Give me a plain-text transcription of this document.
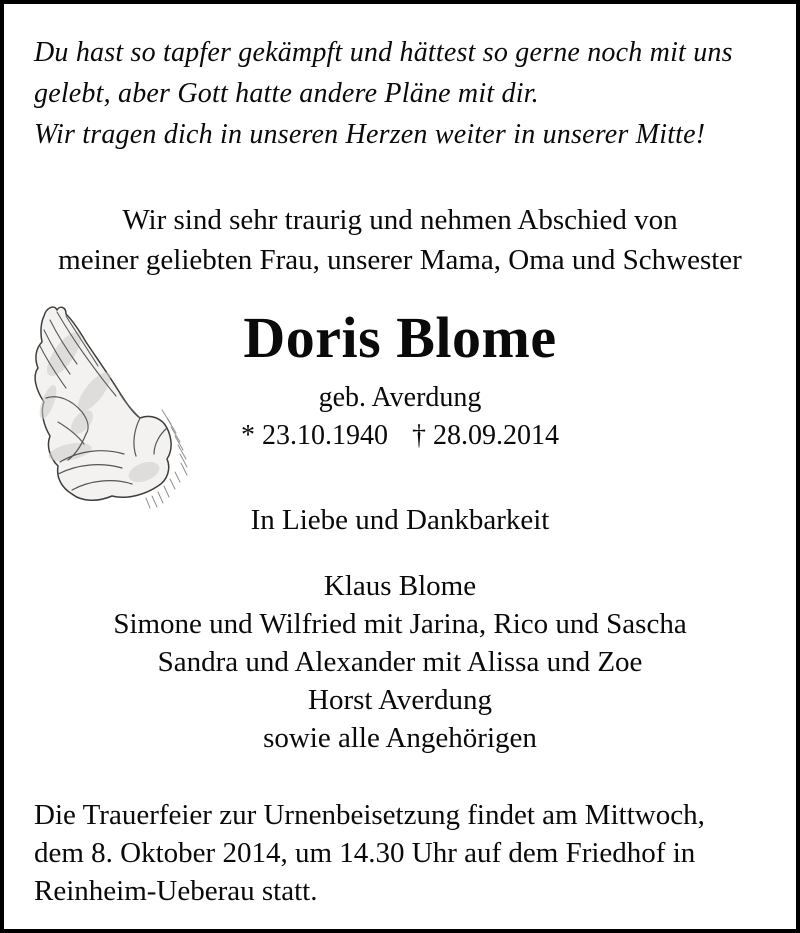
Du hast so tapfer gekämpft und hättest so gerne noch mit uns
gelebt, aber Gott hatte andere Pläne mit dir.
Wir tragen dich in unseren Herzen weiter in unserer Mitte!
Wir sind sehr traurig und nehmen Abschied von
meiner geliebten Frau, unserer Mama, Oma und Schwester
Doris Blome
geb. Averdung
* 23.10.1940 † 28.09.2014
In Liebe und Dankbarkeit
Klaus Blome
Simone und Wilfried mit Jarina, Rico und Sascha
Sandra und Alexander mit Alissa und Zoe
Horst Averdung
sowie alle Angehörigen
Die Trauerfeier zur Urnenbeisetzung findet am Mittwoch,
dem 8. Oktober 2014, um 14.30 Uhr auf dem Friedhof in
Reinheim-Ueberau statt.
